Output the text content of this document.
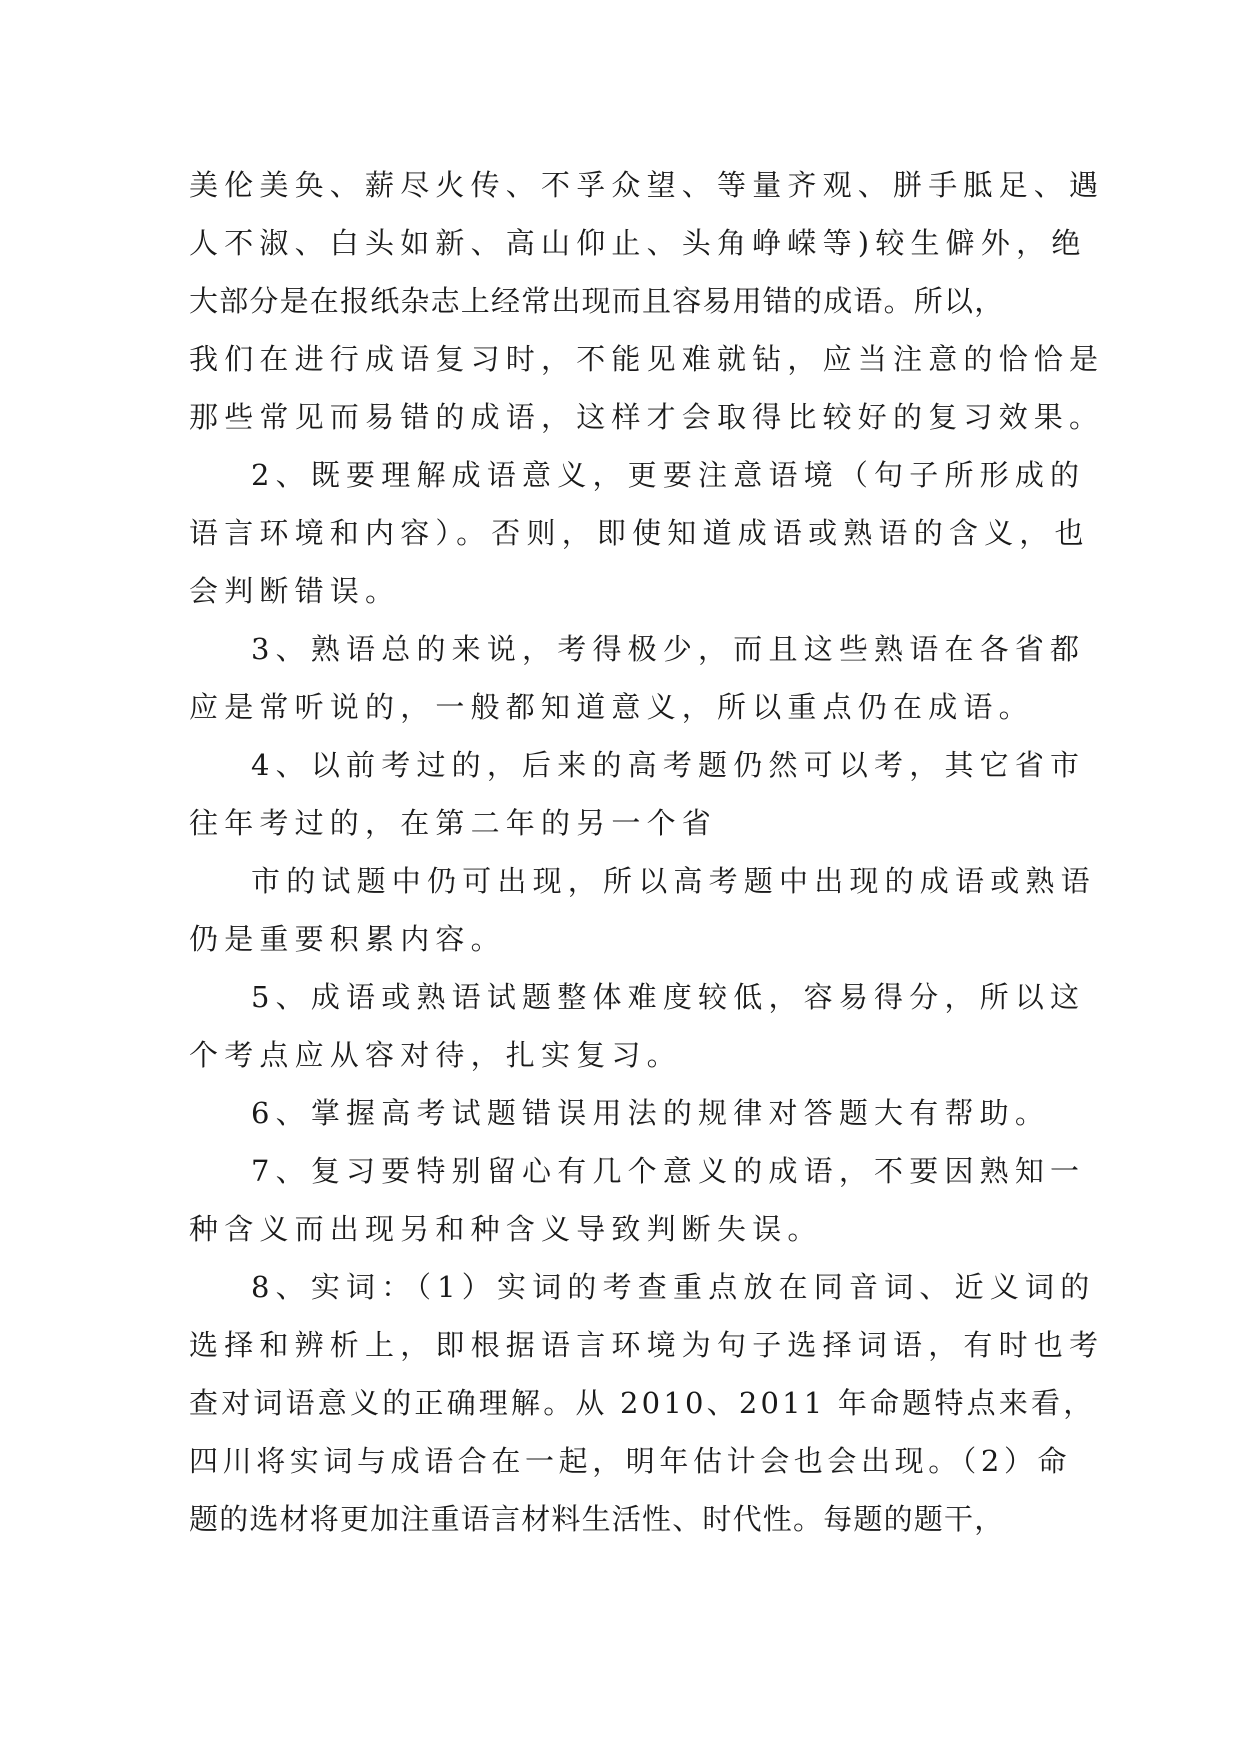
美伦美奂、薪尽火传、不孚众望、等量齐观、胼手胝足、遇
人不淑、白头如新、高山仰止、头角峥嵘等)较生僻外，绝
大部分是在报纸杂志上经常出现而且容易用错的成语。所以，
我们在进行成语复习时，不能见难就钻，应当注意的恰恰是
那些常见而易错的成语，这样才会取得比较好的复习效果。
2、既要理解成语意义，更要注意语境（句子所形成的
语言环境和内容）。否则，即使知道成语或熟语的含义，也
会判断错误。
3、熟语总的来说，考得极少，而且这些熟语在各省都
应是常听说的，一般都知道意义，所以重点仍在成语。
4、以前考过的，后来的高考题仍然可以考，其它省市
往年考过的，在第二年的另一个省
市的试题中仍可出现，所以高考题中出现的成语或熟语
仍是重要积累内容。
5、成语或熟语试题整体难度较低，容易得分，所以这
个考点应从容对待，扎实复习。
6、掌握高考试题错误用法的规律对答题大有帮助。
7、复习要特别留心有几个意义的成语，不要因熟知一
种含义而出现另和种含义导致判断失误。
8、实词：（1）实词的考查重点放在同音词、近义词的
选择和辨析上，即根据语言环境为句子选择词语，有时也考
查对词语意义的正确理解。从 2010、2011 年命题特点来看，
四川将实词与成语合在一起，明年估计会也会出现。（2）命
题的选材将更加注重语言材料生活性、时代性。每题的题干，
